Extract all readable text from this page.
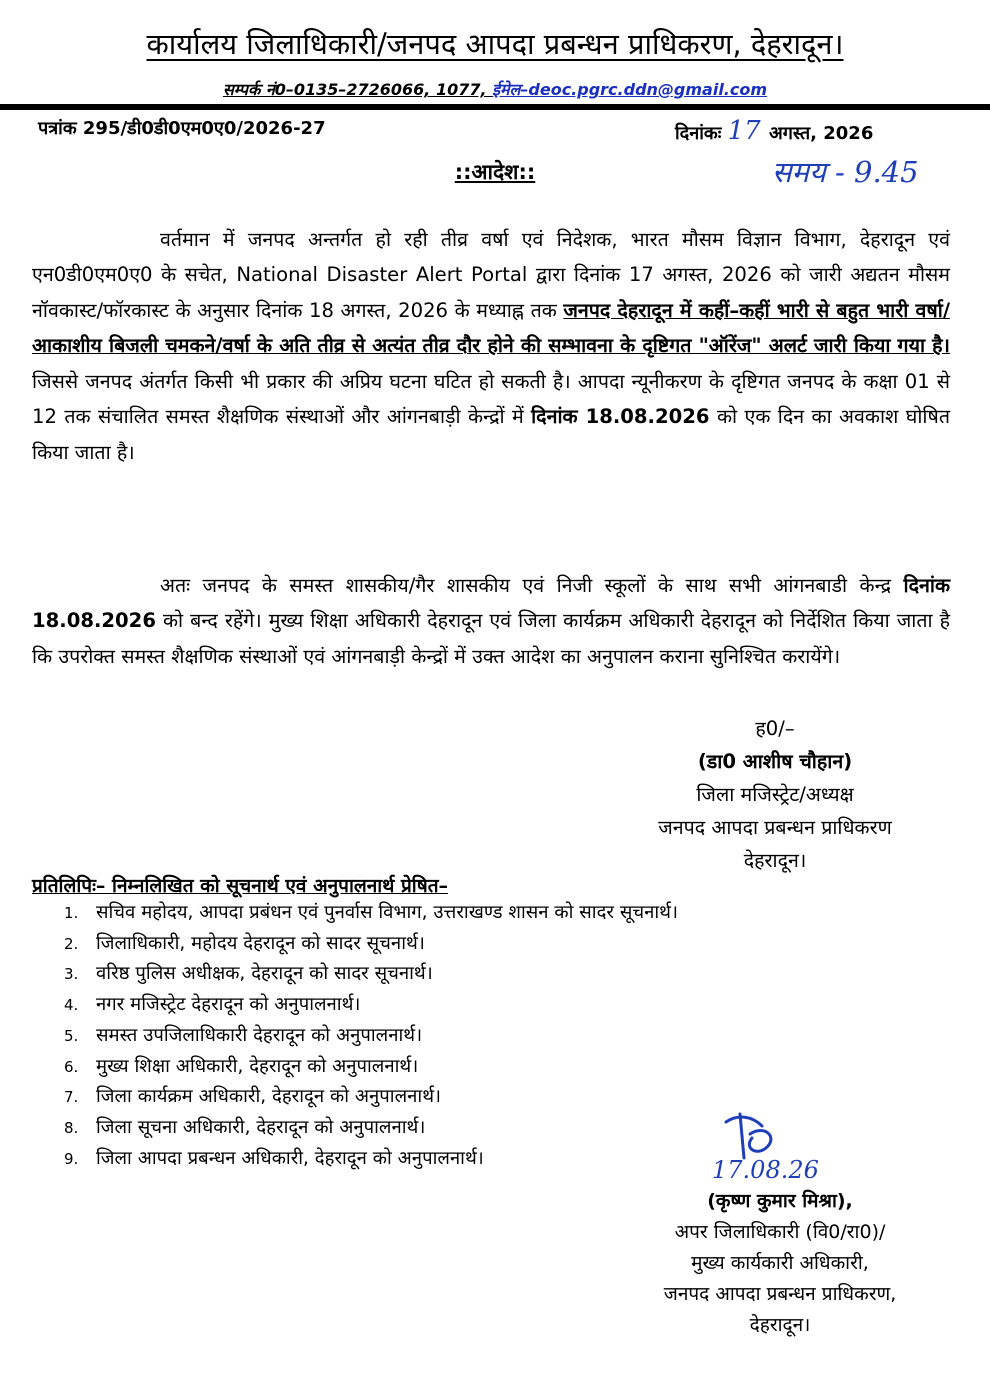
कार्यालय जिलाधिकारी/जनपद आपदा प्रबन्धन प्राधिकरण, देहरादून।
सम्पर्क नं0–0135–2726066, 1077, ईमेल–deoc.pgrc.ddn@gmail.com
पत्रांक 295/डी0डी0एम0ए0/2026-27	दिनांकः 17 अगस्त, 2026
समय - 9.45
::आदेश::

वर्तमान में जनपद अन्तर्गत हो रही तीव्र वर्षा एवं निदेशक, भारत मौसम विज्ञान विभाग, देहरादून एवं एन0डी0एम0ए0 के सचेत, National Disaster Alert Portal द्वारा दिनांक 17 अगस्त, 2026 को जारी अद्यतन मौसम नॉवकास्ट/फॉरकास्ट के अनुसार दिनांक 18 अगस्त, 2026 के मध्याह्न तक जनपद देहरादून में कहीं–कहीं भारी से बहुत भारी वर्षा/आकाशीय बिजली चमकने/वर्षा के अति तीव्र से अत्यंत तीव्र दौर होने की सम्भावना के दृष्टिगत "ऑरेंज" अलर्ट जारी किया गया है। जिससे जनपद अंतर्गत किसी भी प्रकार की अप्रिय घटना घटित हो सकती है। आपदा न्यूनीकरण के दृष्टिगत जनपद के कक्षा 01 से 12 तक संचालित समस्त शैक्षणिक संस्थाओं और आंगनबाड़ी केन्द्रों में दिनांक 18.08.2026 को एक दिन का अवकाश घोषित किया जाता है।

अतः जनपद के समस्त शासकीय/गैर शासकीय एवं निजी स्कूलों के साथ सभी आंगनबाडी केन्द्र दिनांक 18.08.2026 को बन्द रहेंगे। मुख्य शिक्षा अधिकारी देहरादून एवं जिला कार्यक्रम अधिकारी देहरादून को निर्देशित किया जाता है कि उपरोक्त समस्त शैक्षणिक संस्थाओं एवं आंगनबाड़ी केन्द्रों में उक्त आदेश का अनुपालन कराना सुनिश्चित करायेंगे।

ह0/–
(डा0 आशीष चौहान)
जिला मजिस्ट्रेट/अध्यक्ष
जनपद आपदा प्रबन्धन प्राधिकरण
देहरादून।
प्रतिलिपिः– निम्नलिखित को सूचनार्थ एवं अनुपालनार्थ प्रेषित–
1. सचिव महोदय, आपदा प्रबंधन एवं पुनर्वास विभाग, उत्तराखण्ड शासन को सादर सूचनार्थ।
2. जिलाधिकारी, महोदय देहरादून को सादर सूचनार्थ।
3. वरिष्ठ पुलिस अधीक्षक, देहरादून को सादर सूचनार्थ।
4. नगर मजिस्ट्रेट देहरादून को अनुपालनार्थ।
5. समस्त उपजिलाधिकारी देहरादून को अनुपालनार्थ।
6. मुख्य शिक्षा अधिकारी, देहरादून को अनुपालनार्थ।
7. जिला कार्यक्रम अधिकारी, देहरादून को अनुपालनार्थ।
8. जिला सूचना अधिकारी, देहरादून को अनुपालनार्थ।
9. जिला आपदा प्रबन्धन अधिकारी, देहरादून को अनुपालनार्थ।	17.08.26
(कृष्ण कुमार मिश्रा),
अपर जिलाधिकारी (वि0/रा0)/
मुख्य कार्यकारी अधिकारी,
जनपद आपदा प्रबन्धन प्राधिकरण,
देहरादून।
